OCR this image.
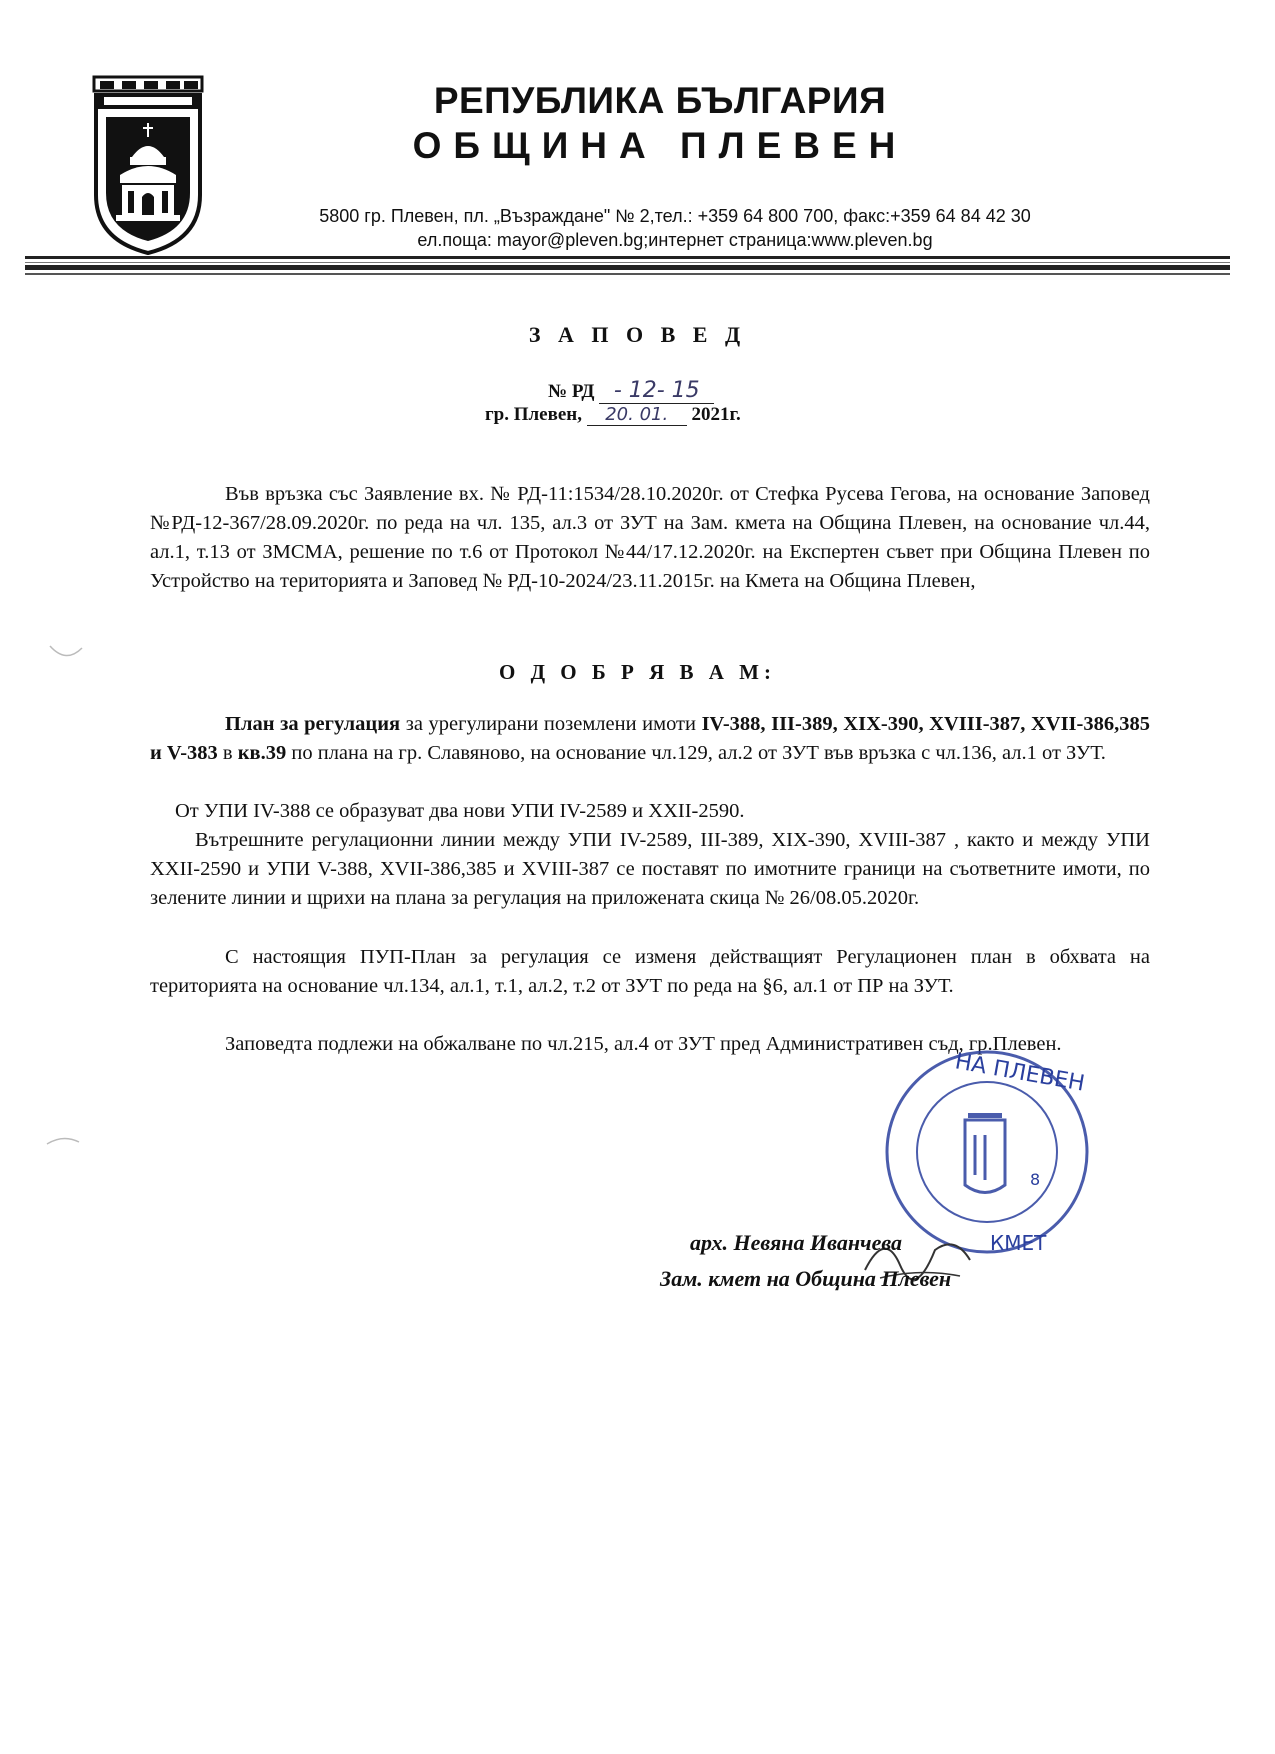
РЕПУБЛИКА БЪЛГАРИЯ
ОБЩИНА ПЛЕВЕН
5800 гр. Плевен, пл. „Възраждане" № 2,тел.: +359 64 800 700, факс:+359 64 84 42 30
ел.поща: mayor@pleven.bg;интернет страница:www.pleven.bg
З А П О В Е Д
№ РД - 12- 15
гр. Плевен, 20. 01. 2021г.
Във връзка със Заявление вх. № РД-11:1534/28.10.2020г. от Стефка Русева Гегова, на основание Заповед №РД-12-367/28.09.2020г. по реда на чл. 135, ал.3 от ЗУТ на Зам. кмета на Община Плевен, на основание чл.44, ал.1, т.13 от ЗМСМА, решение по т.6 от Протокол №44/17.12.2020г. на Експертен съвет при Община Плевен по Устройство на територията и Заповед № РД-10-2024/23.11.2015г. на Кмета на Община Плевен,
О Д О Б Р Я В А М:
План за регулация за урегулирани поземлени имоти IV-388, III-389, XIX-390, XVIII-387, XVII-386,385 и V-383 в кв.39 по плана на гр. Славяново, на основание чл.129, ал.2 от ЗУТ във връзка с чл.136, ал.1 от ЗУТ.
От УПИ IV-388 се образуват два нови УПИ IV-2589 и XXII-2590.
Вътрешните регулационни линии между УПИ IV-2589, III-389, XIX-390, XVIII-387 , както и между УПИ XXII-2590 и УПИ V-388, XVII-386,385 и XVIII-387 се поставят по имотните граници на съответните имоти, по зелените линии и щрихи на плана за регулация на приложената скица № 26/08.05.2020г.
С настоящия ПУП-План за регулация се изменя действащият Регулационен план в обхвата на територията на основание чл.134, ал.1, т.1, ал.2, т.2 от ЗУТ по реда на §6, ал.1 от ПР на ЗУТ.
Заповедта подлежи на обжалване по чл.215, ал.4 от ЗУТ пред Административен съд, гр.Плевен.
8
НА ПЛЕВЕН
КМЕТ
арх. Невяна Иванчева
Зам. кмет на Община Плевен
